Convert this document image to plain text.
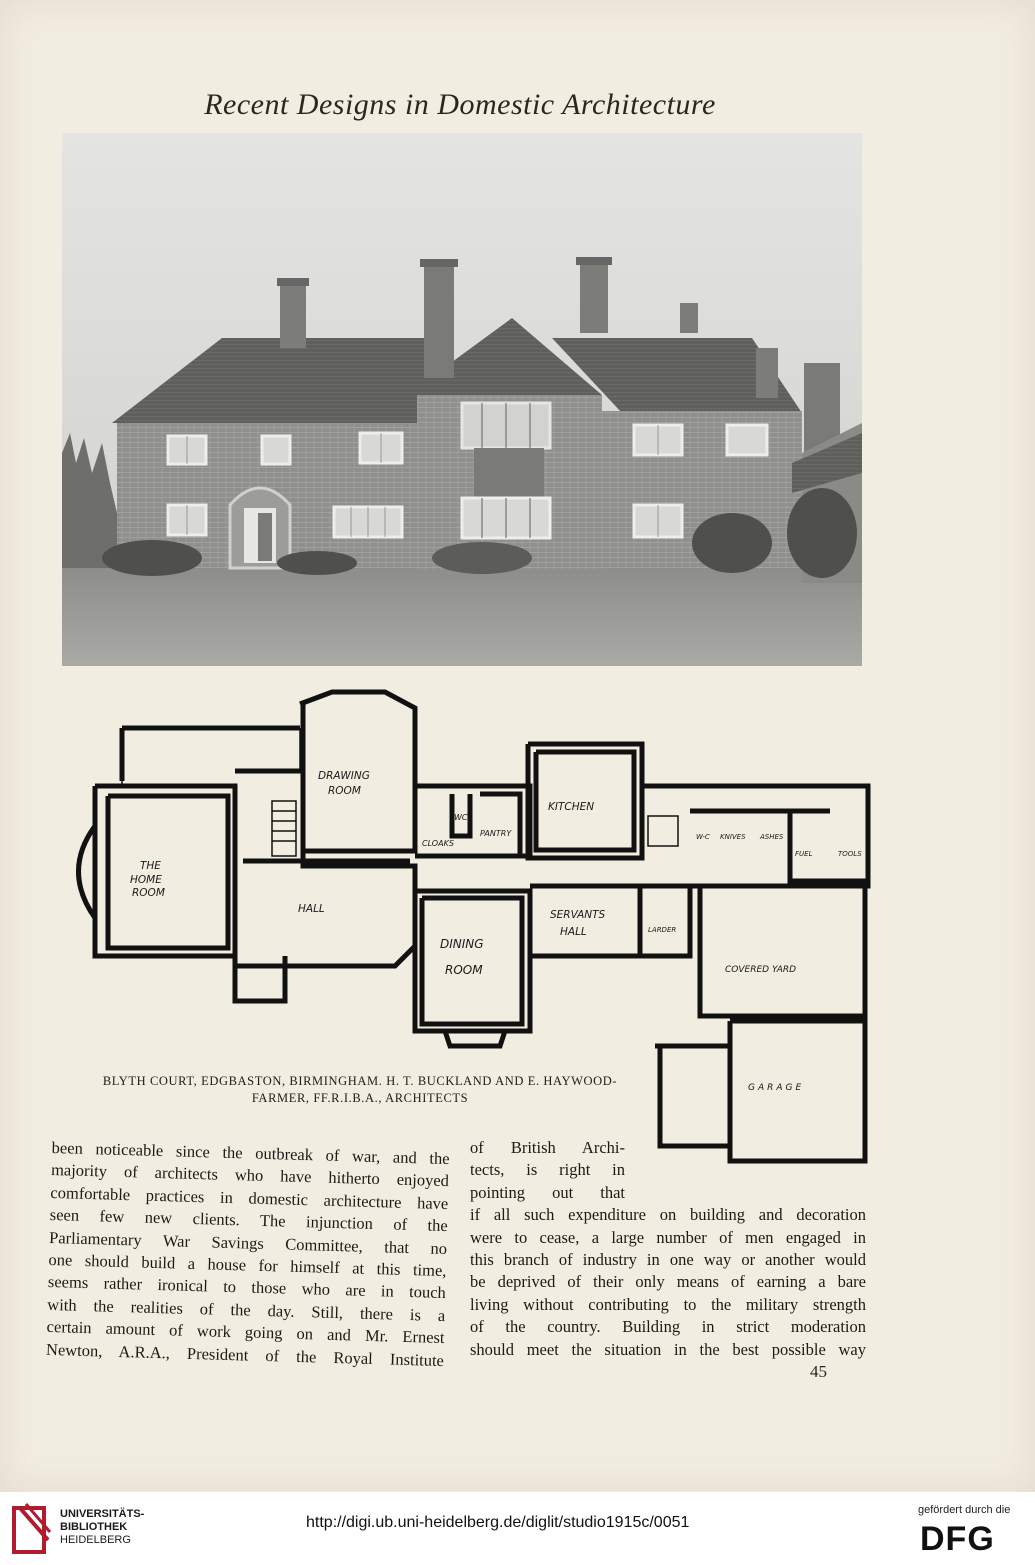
Recent Designs in Domestic Architecture
DRAWING
ROOM
KITCHEN
WC
PANTRY
CLOAKS
THE
HOME
ROOM
HALL
DINING
ROOM
SERVANTS
HALL	LARDER
W-C KNIVES ASHES
FUEL	TOOLS
COVERED YARD
GARAGE
BLYTH COURT, EDGBASTON, BIRMINGHAM. H. T. BUCKLAND AND E. HAYWOOD-
FARMER, FF.R.I.B.A., ARCHITECTS
been noticeable since the outbreak of war, and the
majority of architects who have hitherto enjoyed
comfortable practices in domestic architecture have
seen few new clients. The injunction of the
Parliamentary War Savings Committee, that no
one should build a house for himself at this time,
seems rather ironical to those who are in touch
with the realities of the day. Still, there is a
certain amount of work going on and Mr. Ernest
Newton, A.R.A., President of the Royal Institute
of British Archi-
tects, is right in
pointing out that
if all such expenditure on building and decoration
were to cease, a large number of men engaged in
this branch of industry in one way or another would
be deprived of their only means of earning a bare
living without contributing to the military strength
of the country. Building in strict moderation
should meet the situation in the best possible way
45
UNIVERSITÄTS-
BIBLIOTHEK
HEIDELBERG
http://digi.ub.uni-heidelberg.de/diglit/studio1915c/0051
gefördert durch die
DFG
